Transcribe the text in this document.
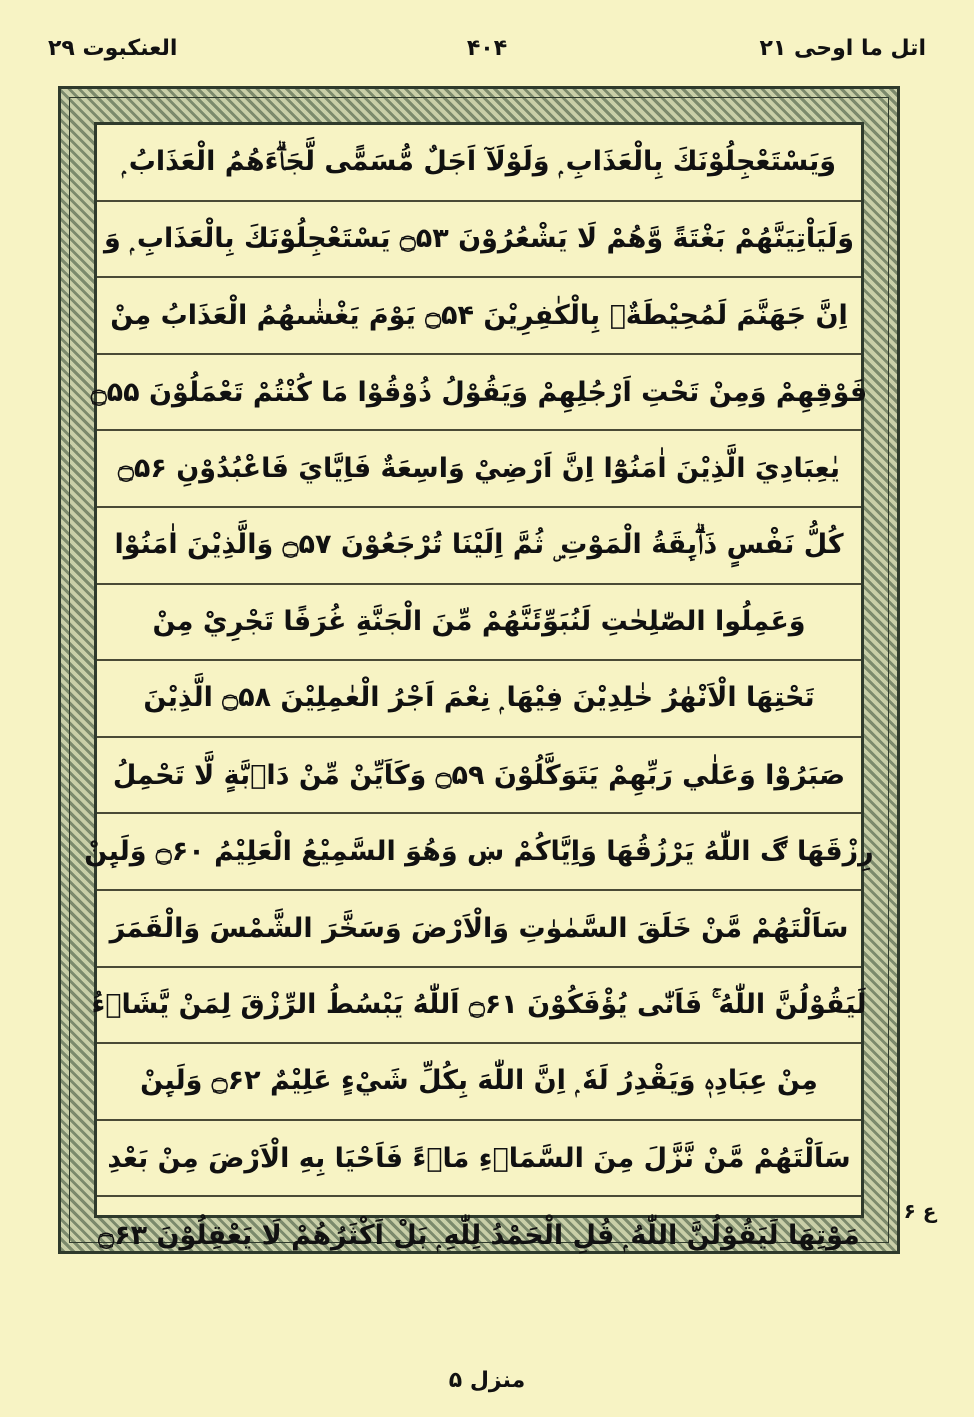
اتل ما اوحی ۲۱
۴۰۴
العنکبوت ۲۹
وَيَسْتَعْجِلُوْنَكَ بِالْعَذَابِ ۭ وَلَوْلَآ اَجَلٌ مُّسَمًّى لَّجَاۗءَهُمُ الْعَذَابُ ۭ
وَلَيَاْتِيَنَّهُمْ بَغْتَةً وَّهُمْ لَا يَشْعُرُوْنَ ۝۵۳ يَسْتَعْجِلُوْنَكَ بِالْعَذَابِ ۭ وَ
اِنَّ جَهَنَّمَ لَمُحِيْطَةٌۢ بِالْكٰفِرِيْنَ ۝۵۴ يَوْمَ يَغْشٰىهُمُ الْعَذَابُ مِنْ
فَوْقِهِمْ وَمِنْ تَحْتِ اَرْجُلِهِمْ وَيَقُوْلُ ذُوْقُوْا مَا كُنْتُمْ تَعْمَلُوْنَ ۝۵۵
يٰعِبَادِيَ الَّذِيْنَ اٰمَنُوْٓا اِنَّ اَرْضِيْ وَاسِعَةٌ فَاِيَّايَ فَاعْبُدُوْنِ ۝۵۶
كُلُّ نَفْسٍ ذَاۗىِٕقَةُ الْمَوْتِ ۣ ثُمَّ اِلَيْنَا تُرْجَعُوْنَ ۝۵۷ وَالَّذِيْنَ اٰمَنُوْا
وَعَمِلُوا الصّٰلِحٰتِ لَنُبَوِّئَنَّهُمْ مِّنَ الْجَنَّةِ غُرَفًا تَجْرِيْ مِنْ
تَحْتِهَا الْاَنْهٰرُ خٰلِدِيْنَ فِيْهَا ۭ نِعْمَ اَجْرُ الْعٰمِلِيْنَ ۝۵۸ الَّذِيْنَ
صَبَرُوْا وَعَلٰي رَبِّهِمْ يَتَوَكَّلُوْنَ ۝۵۹ وَكَاَيِّنْ مِّنْ دَاۗبَّةٍ لَّا تَحْمِلُ
رِزْقَهَا ڰ اللّٰهُ يَرْزُقُهَا وَاِيَّاكُمْ ښ وَهُوَ السَّمِيْعُ الْعَلِيْمُ ۝۶۰ وَلَىِٕنْ
سَاَلْتَهُمْ مَّنْ خَلَقَ السَّمٰوٰتِ وَالْاَرْضَ وَسَخَّرَ الشَّمْسَ وَالْقَمَرَ
لَيَقُوْلُنَّ اللّٰهُ ۚ فَاَنّٰى يُؤْفَكُوْنَ ۝۶۱ اَللّٰهُ يَبْسُطُ الرِّزْقَ لِمَنْ يَّشَاۗءُ
مِنْ عِبَادِهٖ وَيَقْدِرُ لَهٗ ۭ اِنَّ اللّٰهَ بِكُلِّ شَيْءٍ عَلِيْمٌ ۝۶۲ وَلَىِٕنْ
سَاَلْتَهُمْ مَّنْ نَّزَّلَ مِنَ السَّمَاۗءِ مَاۗءً فَاَحْيَا بِهِ الْاَرْضَ مِنْ بَعْدِ
مَوْتِهَا لَيَقُوْلُنَّ اللّٰهُ ۭ قُلِ الْحَمْدُ لِلّٰهِ ۭ بَلْ اَكْثَرُهُمْ لَا يَعْقِلُوْنَ ۝۶۳
ع ۶
منزل ۵
